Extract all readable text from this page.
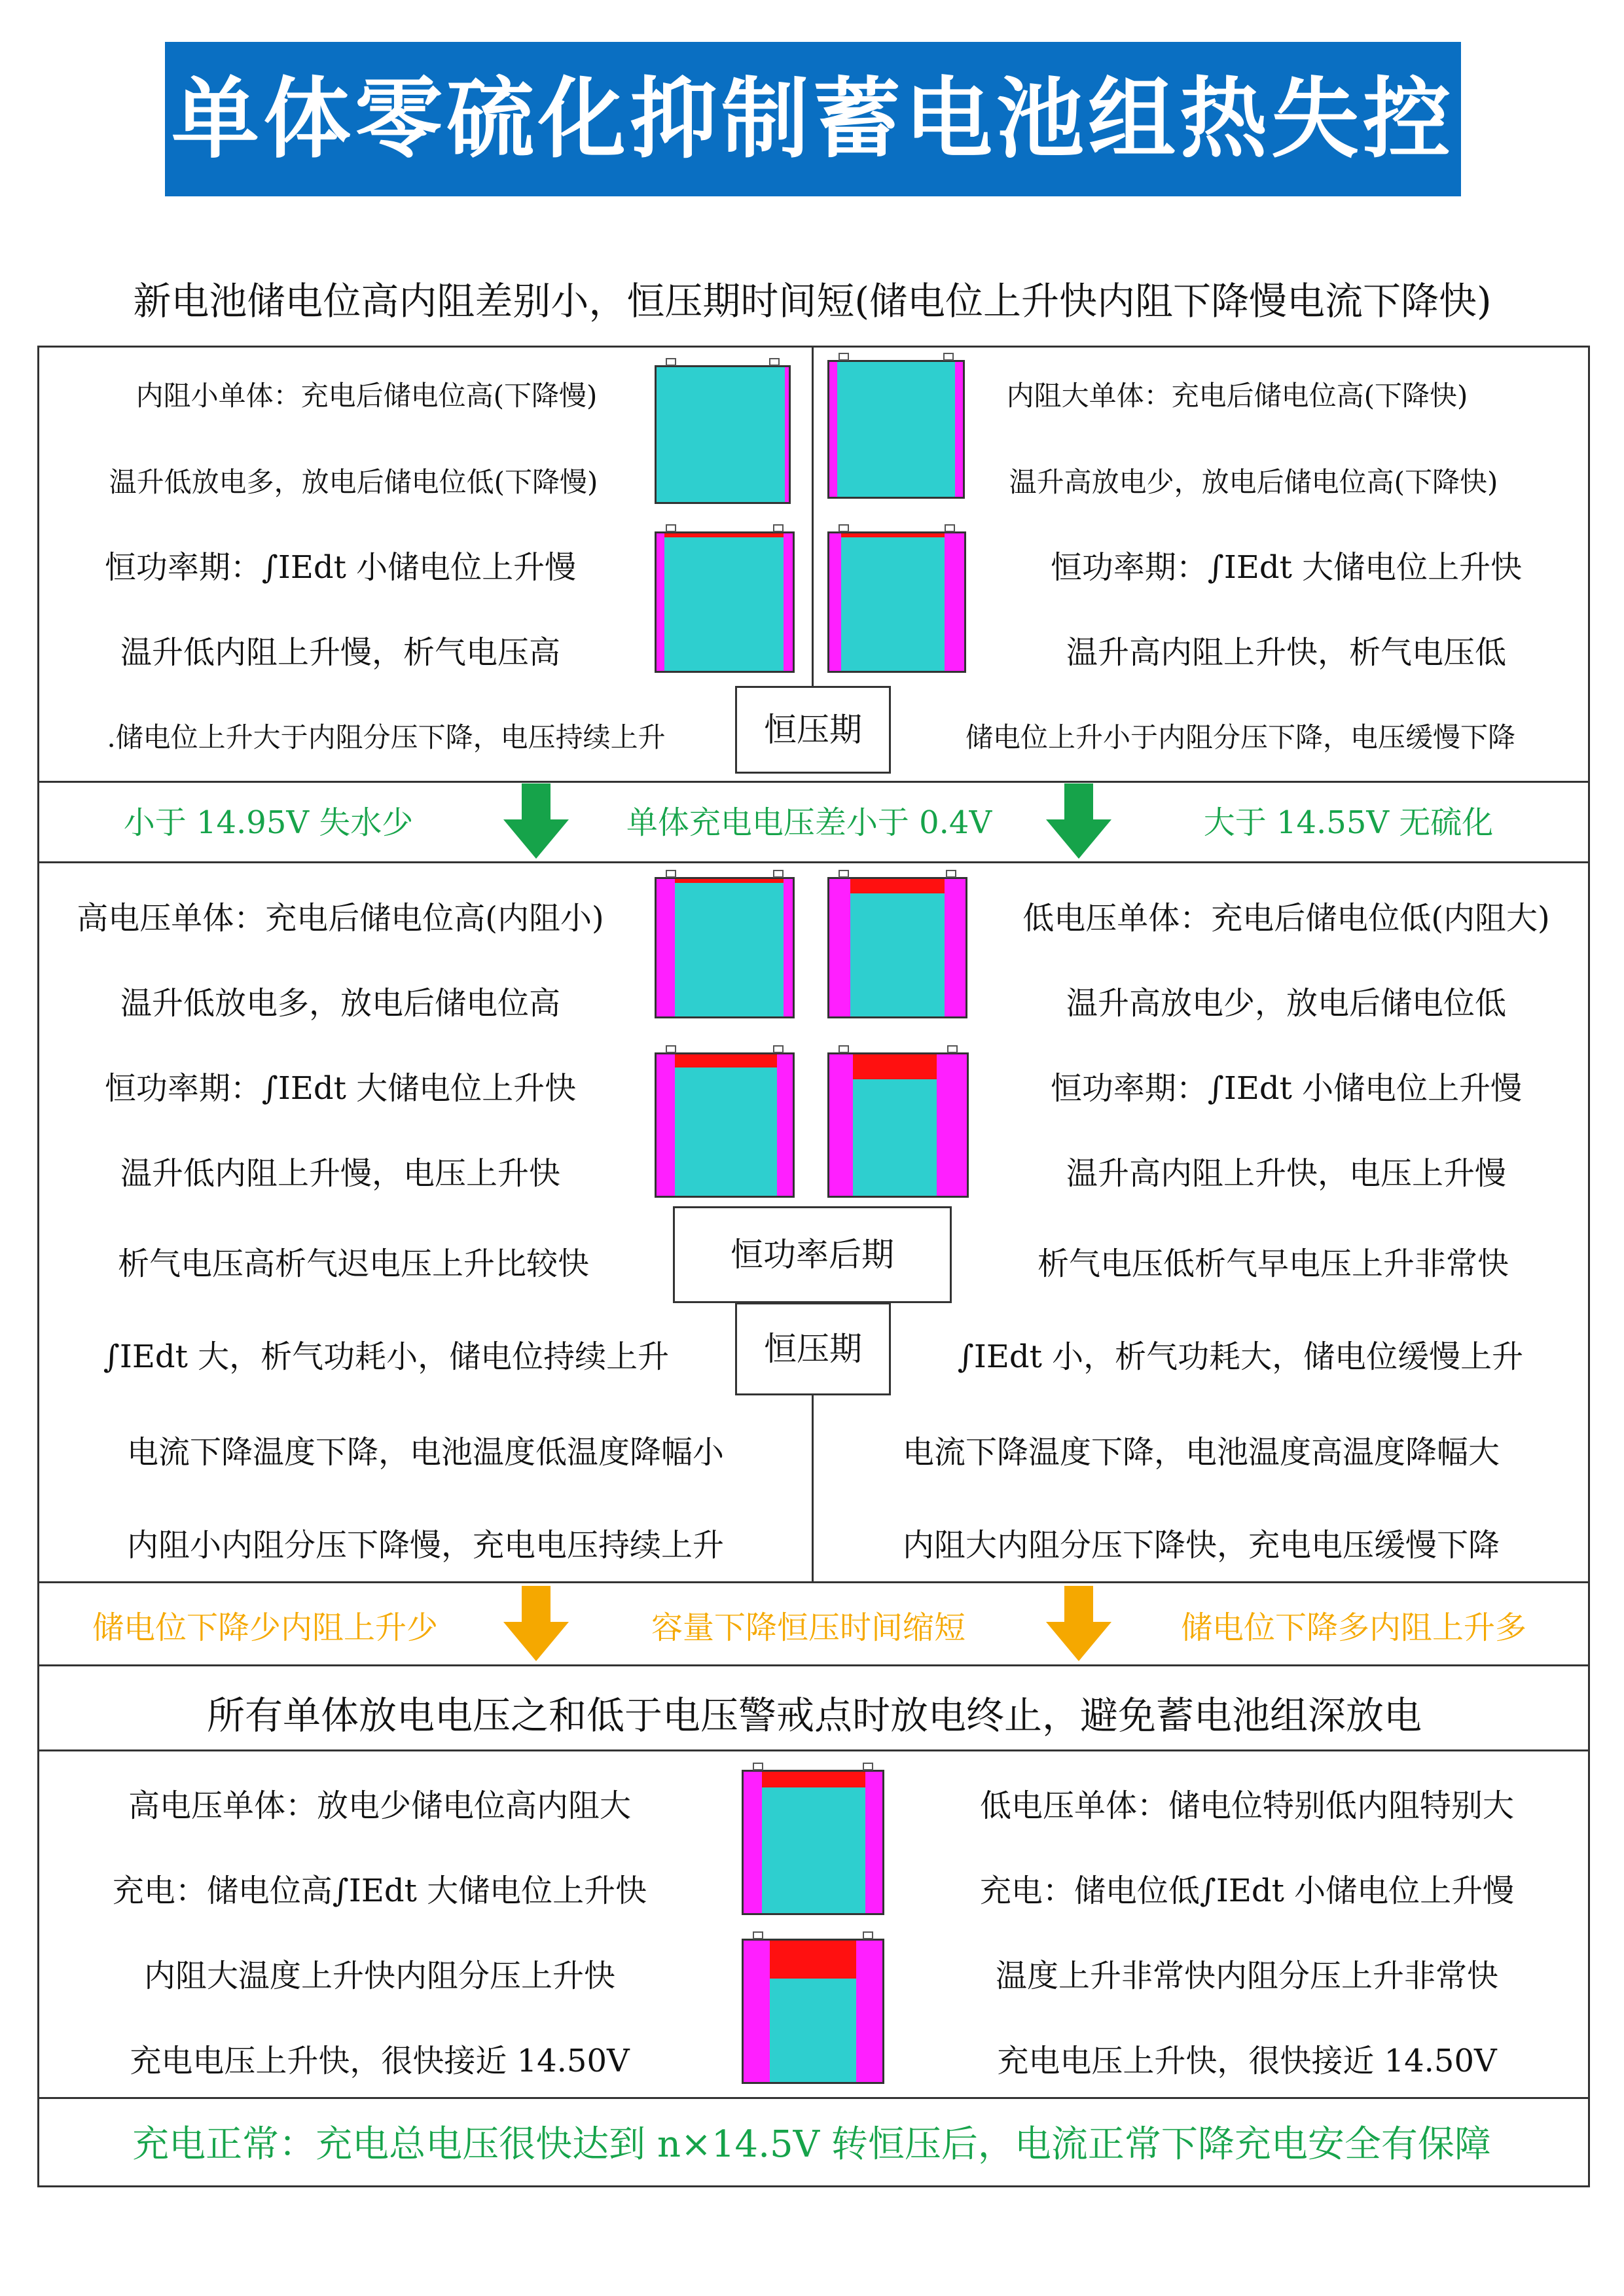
单体零硫化抑制蓄电池组热失控
新电池储电位高内阻差别小，恒压期时间短(储电位上升快内阻下降慢电流下降快)
内阻小单体：充电后储电位高(下降慢)
温升低放电多，放电后储电位低(下降慢)
恒功率期：∫IEdt 小储电位上升慢
温升低内阻上升慢，析气电压高
.储电位上升大于内阻分压下降，电压持续上升
内阻大单体：充电后储电位高(下降快)
温升高放电少，放电后储电位高(下降快)
恒功率期：∫IEdt 大储电位上升快
温升高内阻上升快，析气电压低
储电位上升小于内阻分压下降，电压缓慢下降
恒压期
小于 14.95V 失水少	单体充电电压差小于 0.4V	大于 14.55V 无硫化
高电压单体：充电后储电位高(内阻小)
温升低放电多，放电后储电位高
恒功率期：∫IEdt 大储电位上升快
温升低内阻上升慢，电压上升快
析气电压高析气迟电压上升比较快
∫IEdt 大，析气功耗小，储电位持续上升
电流下降温度下降，电池温度低温度降幅小
内阻小内阻分压下降慢，充电电压持续上升
低电压单体：充电后储电位低(内阻大)
温升高放电少，放电后储电位低
恒功率期：∫IEdt 小储电位上升慢
温升高内阻上升快，电压上升慢
析气电压低析气早电压上升非常快
∫IEdt 小，析气功耗大，储电位缓慢上升
电流下降温度下降，电池温度高温度降幅大
内阻大内阻分压下降快，充电电压缓慢下降
恒功率后期
恒压期
储电位下降少内阻上升少	容量下降恒压时间缩短	储电位下降多内阻上升多
所有单体放电电压之和低于电压警戒点时放电终止，避免蓄电池组深放电
高电压单体：放电少储电位高内阻大
充电：储电位高∫IEdt 大储电位上升快
内阻大温度上升快内阻分压上升快
充电电压上升快，很快接近 14.50V
低电压单体：储电位特别低内阻特别大
充电：储电位低∫IEdt 小储电位上升慢
温度上升非常快内阻分压上升非常快
充电电压上升快，很快接近 14.50V
充电正常：充电总电压很快达到 n×14.5V 转恒压后，电流正常下降充电安全有保障
